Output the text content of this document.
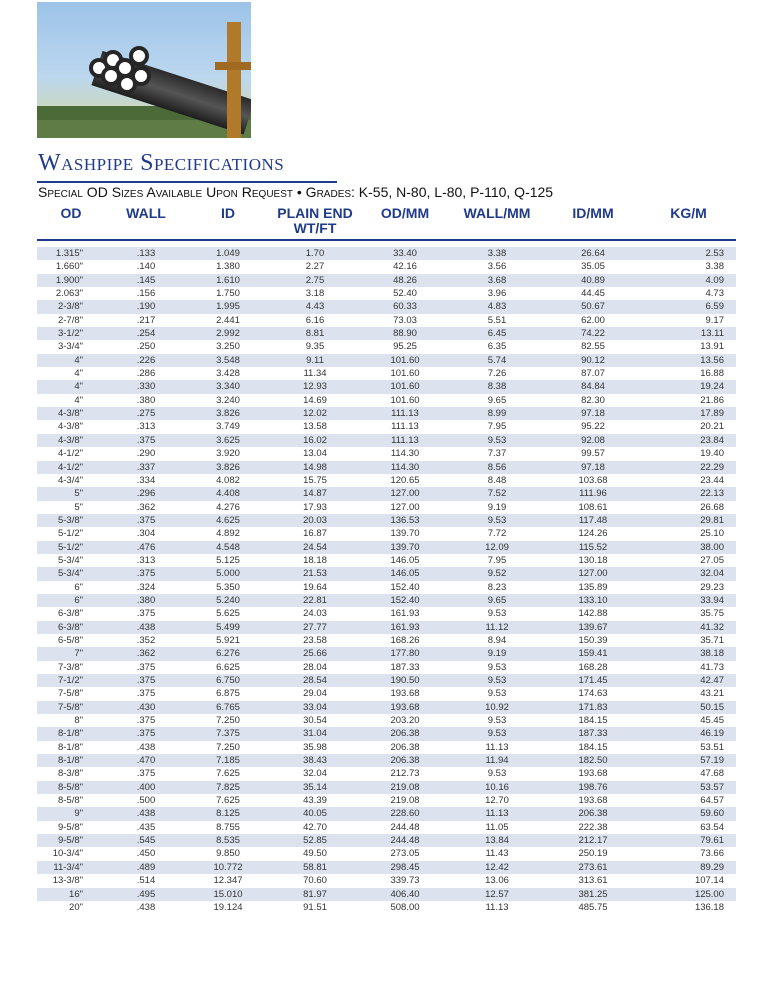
Washpipe Specifications
Special OD Sizes Available Upon Request • Grades: K-55, N-80, L-80, P-110, Q-125
OD	WALL	ID	PLAIN END WT/FT	OD/MM	WALL/MM	ID/MM	KG/M

1.315"	.133	1.049	1.70	33.40	3.38	26.64	2.53
1.660"	.140	1.380	2.27	42.16	3.56	35.05	3.38
1.900"	.145	1.610	2.75	48.26	3.68	40.89	4.09
2.063"	.156	1.750	3.18	52.40	3.96	44.45	4.73
2-3/8"	.190	1.995	4.43	60.33	4.83	50.67	6.59
2-7/8"	.217	2.441	6.16	73.03	5.51	62.00	9.17
3-1/2"	.254	2.992	8.81	88.90	6.45	74.22	13.11
3-3/4"	.250	3.250	9.35	95.25	6.35	82.55	13.91
4"	.226	3.548	9.11	101.60	5.74	90.12	13.56
4"	.286	3.428	11.34	101.60	7.26	87.07	16.88
4"	.330	3.340	12.93	101.60	8.38	84.84	19.24
4"	.380	3.240	14.69	101.60	9.65	82.30	21.86
4-3/8"	.275	3.826	12.02	111.13	8.99	97.18	17.89
4-3/8"	.313	3.749	13.58	111.13	7.95	95.22	20.21
4-3/8"	.375	3.625	16.02	111.13	9.53	92.08	23.84
4-1/2"	.290	3.920	13.04	114.30	7.37	99.57	19.40
4-1/2"	.337	3.826	14.98	114.30	8.56	97.18	22.29
4-3/4"	.334	4.082	15.75	120.65	8.48	103.68	23.44
5"	.296	4.408	14.87	127.00	7.52	111.96	22.13
5"	.362	4.276	17.93	127.00	9.19	108.61	26.68
5-3/8"	.375	4.625	20.03	136.53	9.53	117.48	29.81
5-1/2"	.304	4.892	16.87	139.70	7.72	124.26	25.10
5-1/2"	.476	4.548	24.54	139.70	12.09	115.52	38.00
5-3/4"	.313	5.125	18.18	146.05	7.95	130.18	27.05
5-3/4"	.375	5.000	21.53	146.05	9.52	127.00	32.04
6"	.324	5.350	19.64	152.40	8.23	135.89	29.23
6"	.380	5.240	22.81	152.40	9.65	133.10	33.94
6-3/8"	.375	5.625	24.03	161.93	9.53	142.88	35.75
6-3/8"	.438	5.499	27.77	161.93	11.12	139.67	41.32
6-5/8"	.352	5.921	23.58	168.26	8.94	150.39	35.71
7"	.362	6.276	25.66	177.80	9.19	159.41	38.18
7-3/8"	.375	6.625	28.04	187.33	9.53	168.28	41.73
7-1/2"	.375	6.750	28.54	190.50	9.53	171.45	42.47
7-5/8"	.375	6.875	29.04	193.68	9.53	174.63	43.21
7-5/8"	.430	6.765	33.04	193.68	10.92	171.83	50.15
8"	.375	7.250	30.54	203.20	9.53	184.15	45.45
8-1/8"	.375	7.375	31.04	206.38	9.53	187.33	46.19
8-1/8"	.438	7.250	35.98	206.38	11.13	184.15	53.51
8-1/8"	.470	7.185	38.43	206.38	11.94	182.50	57.19
8-3/8"	.375	7.625	32.04	212.73	9.53	193.68	47.68
8-5/8"	.400	7.825	35.14	219.08	10.16	198.76	53.57
8-5/8"	.500	7.625	43.39	219.08	12.70	193.68	64.57
9"	.438	8.125	40.05	228.60	11.13	206.38	59.60
9-5/8"	.435	8.755	42.70	244.48	11.05	222.38	63.54
9-5/8"	.545	8.535	52.85	244.48	13.84	212.17	79.61
10-3/4"	.450	9.850	49.50	273.05	11.43	250.19	73.66
11-3/4"	.489	10.772	58.81	298.45	12.42	273.61	89.29
13-3/8"	.514	12.347	70.60	339.73	13.06	313.61	107.14
16"	.495	15.010	81.97	406.40	12.57	381.25	125.00
20"	.438	19.124	91.51	508.00	11.13	485.75	136.18
